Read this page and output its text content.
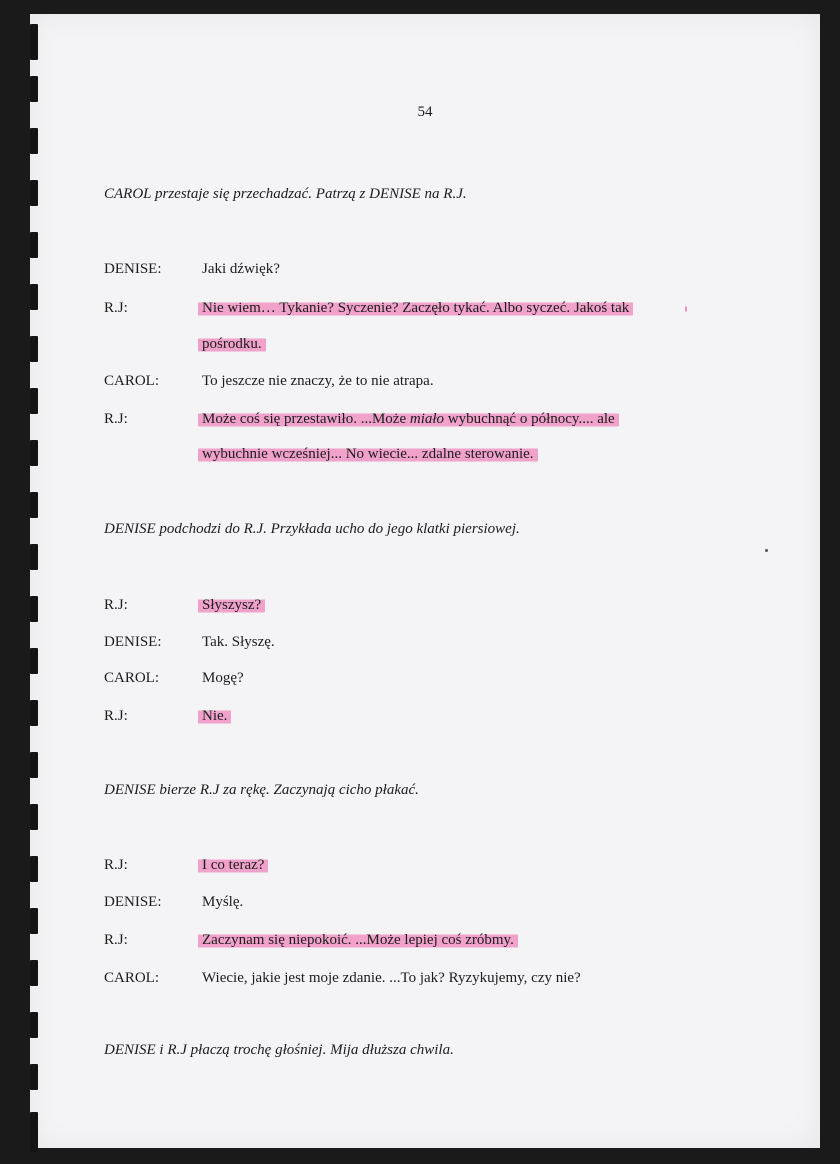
54
CAROL przestaje się przechadzać. Patrzą z DENISE na R.J.
DENISE:	Jaki dźwięk?
R.J:	Nie wiem… Tykanie? Syczenie? Zaczęło tykać. Albo syczeć. Jakoś tak
pośrodku.
CAROL:	To jeszcze nie znaczy, że to nie atrapa.
R.J:	Może coś się przestawiło. ...Może miało wybuchnąć o północy.... ale
wybuchnie wcześniej... No wiecie... zdalne sterowanie.
DENISE podchodzi do R.J. Przykłada ucho do jego klatki piersiowej.
R.J:	Słyszysz?
DENISE:	Tak. Słyszę.
CAROL:	Mogę?
R.J:	Nie.
DENISE bierze R.J za rękę. Zaczynają cicho płakać.
R.J:	I co teraz?
DENISE:	Myślę.
R.J:	Zaczynam się niepokoić. ...Może lepiej coś zróbmy.
CAROL:	Wiecie, jakie jest moje zdanie. ...To jak? Ryzykujemy, czy nie?
DENISE i R.J płaczą trochę głośniej. Mija dłuższa chwila.
